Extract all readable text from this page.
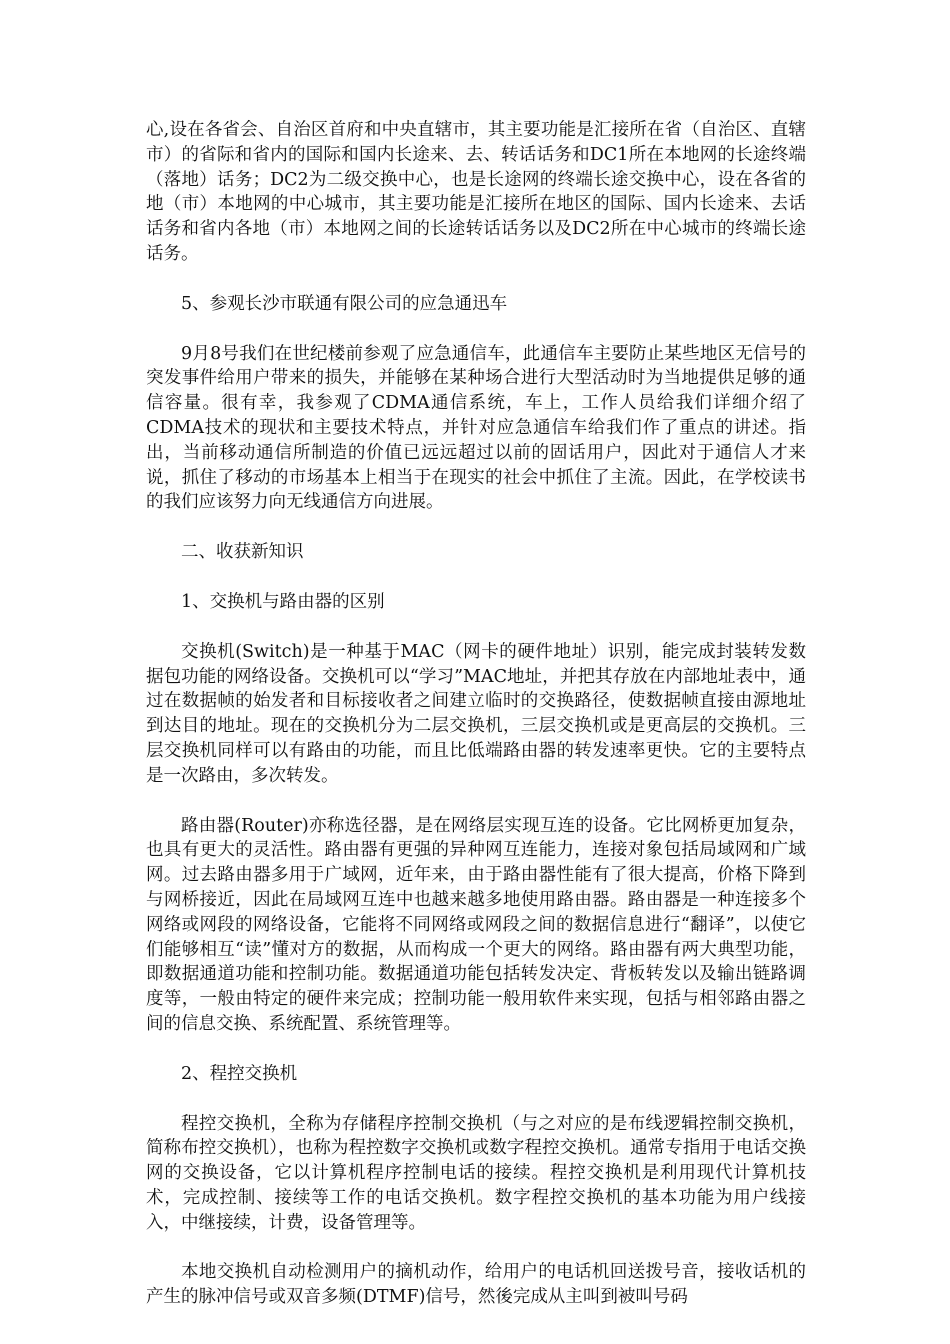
心,设在各省会、自治区首府和中央直辖市，其主要功能是汇接所在省（自治区、直辖市）的省际和省内的国际和国内长途来、去、转话话务和DC1所在本地网的长途终端（落地）话务；DC2为二级交换中心，也是长途网的终端长途交换中心，设在各省的地（市）本地网的中心城市，其主要功能是汇接所在地区的国际、国内长途来、去话话务和省内各地（市）本地网之间的长途转话话务以及DC2所在中心城市的终端长途话务。

5、参观长沙市联通有限公司的应急通迅车

9月8号我们在世纪楼前参观了应急通信车，此通信车主要防止某些地区无信号的突发事件给用户带来的损失，并能够在某种场合进行大型活动时为当地提供足够的通信容量。很有幸，我参观了CDMA通信系统，车上，工作人员给我们详细介绍了CDMA技术的现状和主要技术特点，并针对应急通信车给我们作了重点的讲述。指出，当前移动通信所制造的价值已远远超过以前的固话用户，因此对于通信人才来说，抓住了移动的市场基本上相当于在现实的社会中抓住了主流。因此，在学校读书的我们应该努力向无线通信方向进展。

二、收获新知识

1、交换机与路由器的区别

交换机(Switch)是一种基于MAC（网卡的硬件地址）识别，能完成封装转发数据包功能的网络设备。交换机可以“学习”MAC地址，并把其存放在内部地址表中，通过在数据帧的始发者和目标接收者之间建立临时的交换路径，使数据帧直接由源地址到达目的地址。现在的交换机分为二层交换机，三层交换机或是更高层的交换机。三层交换机同样可以有路由的功能，而且比低端路由器的转发速率更快。它的主要特点是一次路由，多次转发。

路由器(Router)亦称选径器，是在网络层实现互连的设备。它比网桥更加复杂，也具有更大的灵活性。路由器有更强的异种网互连能力，连接对象包括局域网和广域网。过去路由器多用于广域网，近年来，由于路由器性能有了很大提高，价格下降到与网桥接近，因此在局域网互连中也越来越多地使用路由器。路由器是一种连接多个网络或网段的网络设备，它能将不同网络或网段之间的数据信息进行“翻译”，以使它们能够相互“读”懂对方的数据，从而构成一个更大的网络。路由器有两大典型功能，即数据通道功能和控制功能。数据通道功能包括转发决定、背板转发以及输出链路调度等，一般由特定的硬件来完成；控制功能一般用软件来实现，包括与相邻路由器之间的信息交换、系统配置、系统管理等。

2、程控交换机

程控交换机，全称为存储程序控制交换机（与之对应的是布线逻辑控制交换机，简称布控交换机），也称为程控数字交换机或数字程控交换机。通常专指用于电话交换网的交换设备，它以计算机程序控制电话的接续。程控交换机是利用现代计算机技术，完成控制、接续等工作的电话交换机。数字程控交换机的基本功能为用户线接入，中继接续，计费，设备管理等。

本地交换机自动检测用户的摘机动作，给用户的电话机回送拨号音，接收话机的产生的脉冲信号或双音多频(DTMF)信号，然後完成从主叫到被叫号码
